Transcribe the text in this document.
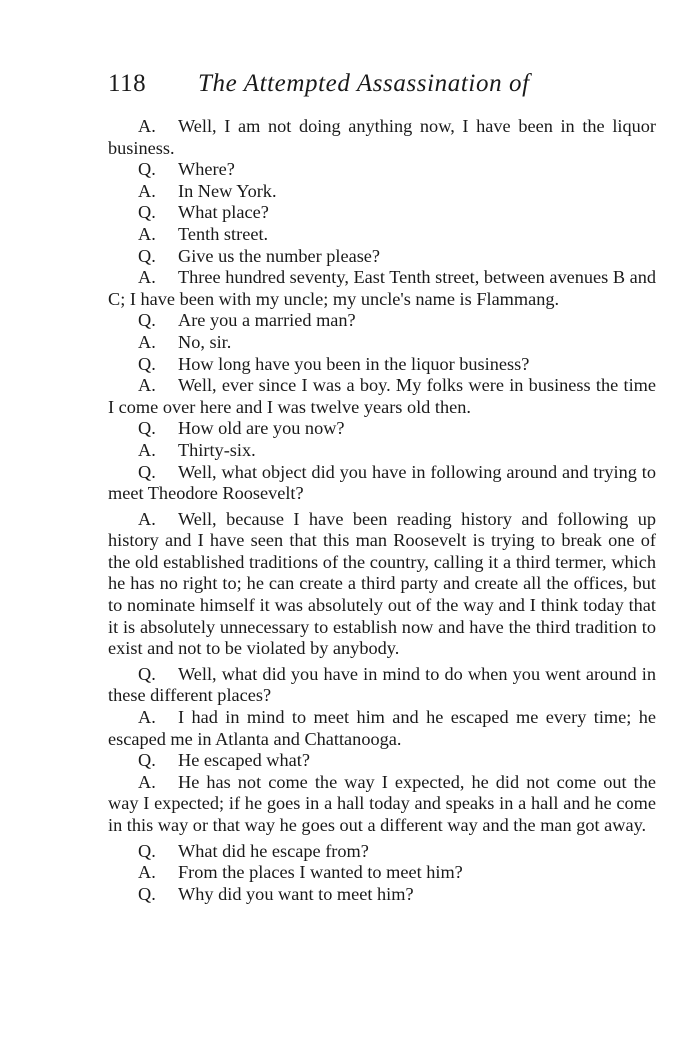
118	The Attempted Assassination of

A. Well, I am not doing anything now, I have been in the liquor business.

Q. Where?

A. In New York.

Q. What place?

A. Tenth street.

Q. Give us the number please?

A. Three hundred seventy, East Tenth street, between avenues B and C; I have been with my uncle; my uncle's name is Flammang.

Q. Are you a married man?

A. No, sir.

Q. How long have you been in the liquor business?

A. Well, ever since I was a boy. My folks were in business the time I come over here and I was twelve years old then.

Q. How old are you now?

A. Thirty-six.

Q. Well, what object did you have in following around and trying to meet Theodore Roosevelt?

A. Well, because I have been reading history and following up history and I have seen that this man Roosevelt is trying to break one of the old established traditions of the country, calling it a third termer, which he has no right to; he can create a third party and create all the offices, but to nominate himself it was absolutely out of the way and I think today that it is absolutely unnecessary to establish now and have the third tradition to exist and not to be violated by anybody.

Q. Well, what did you have in mind to do when you went around in these different places?

A. I had in mind to meet him and he escaped me every time; he escaped me in Atlanta and Chattanooga.

Q. He escaped what?

A. He has not come the way I expected, he did not come out the way I expected; if he goes in a hall today and speaks in a hall and he come in this way or that way he goes out a different way and the man got away.

Q. What did he escape from?

A. From the places I wanted to meet him?

Q. Why did you want to meet him?
